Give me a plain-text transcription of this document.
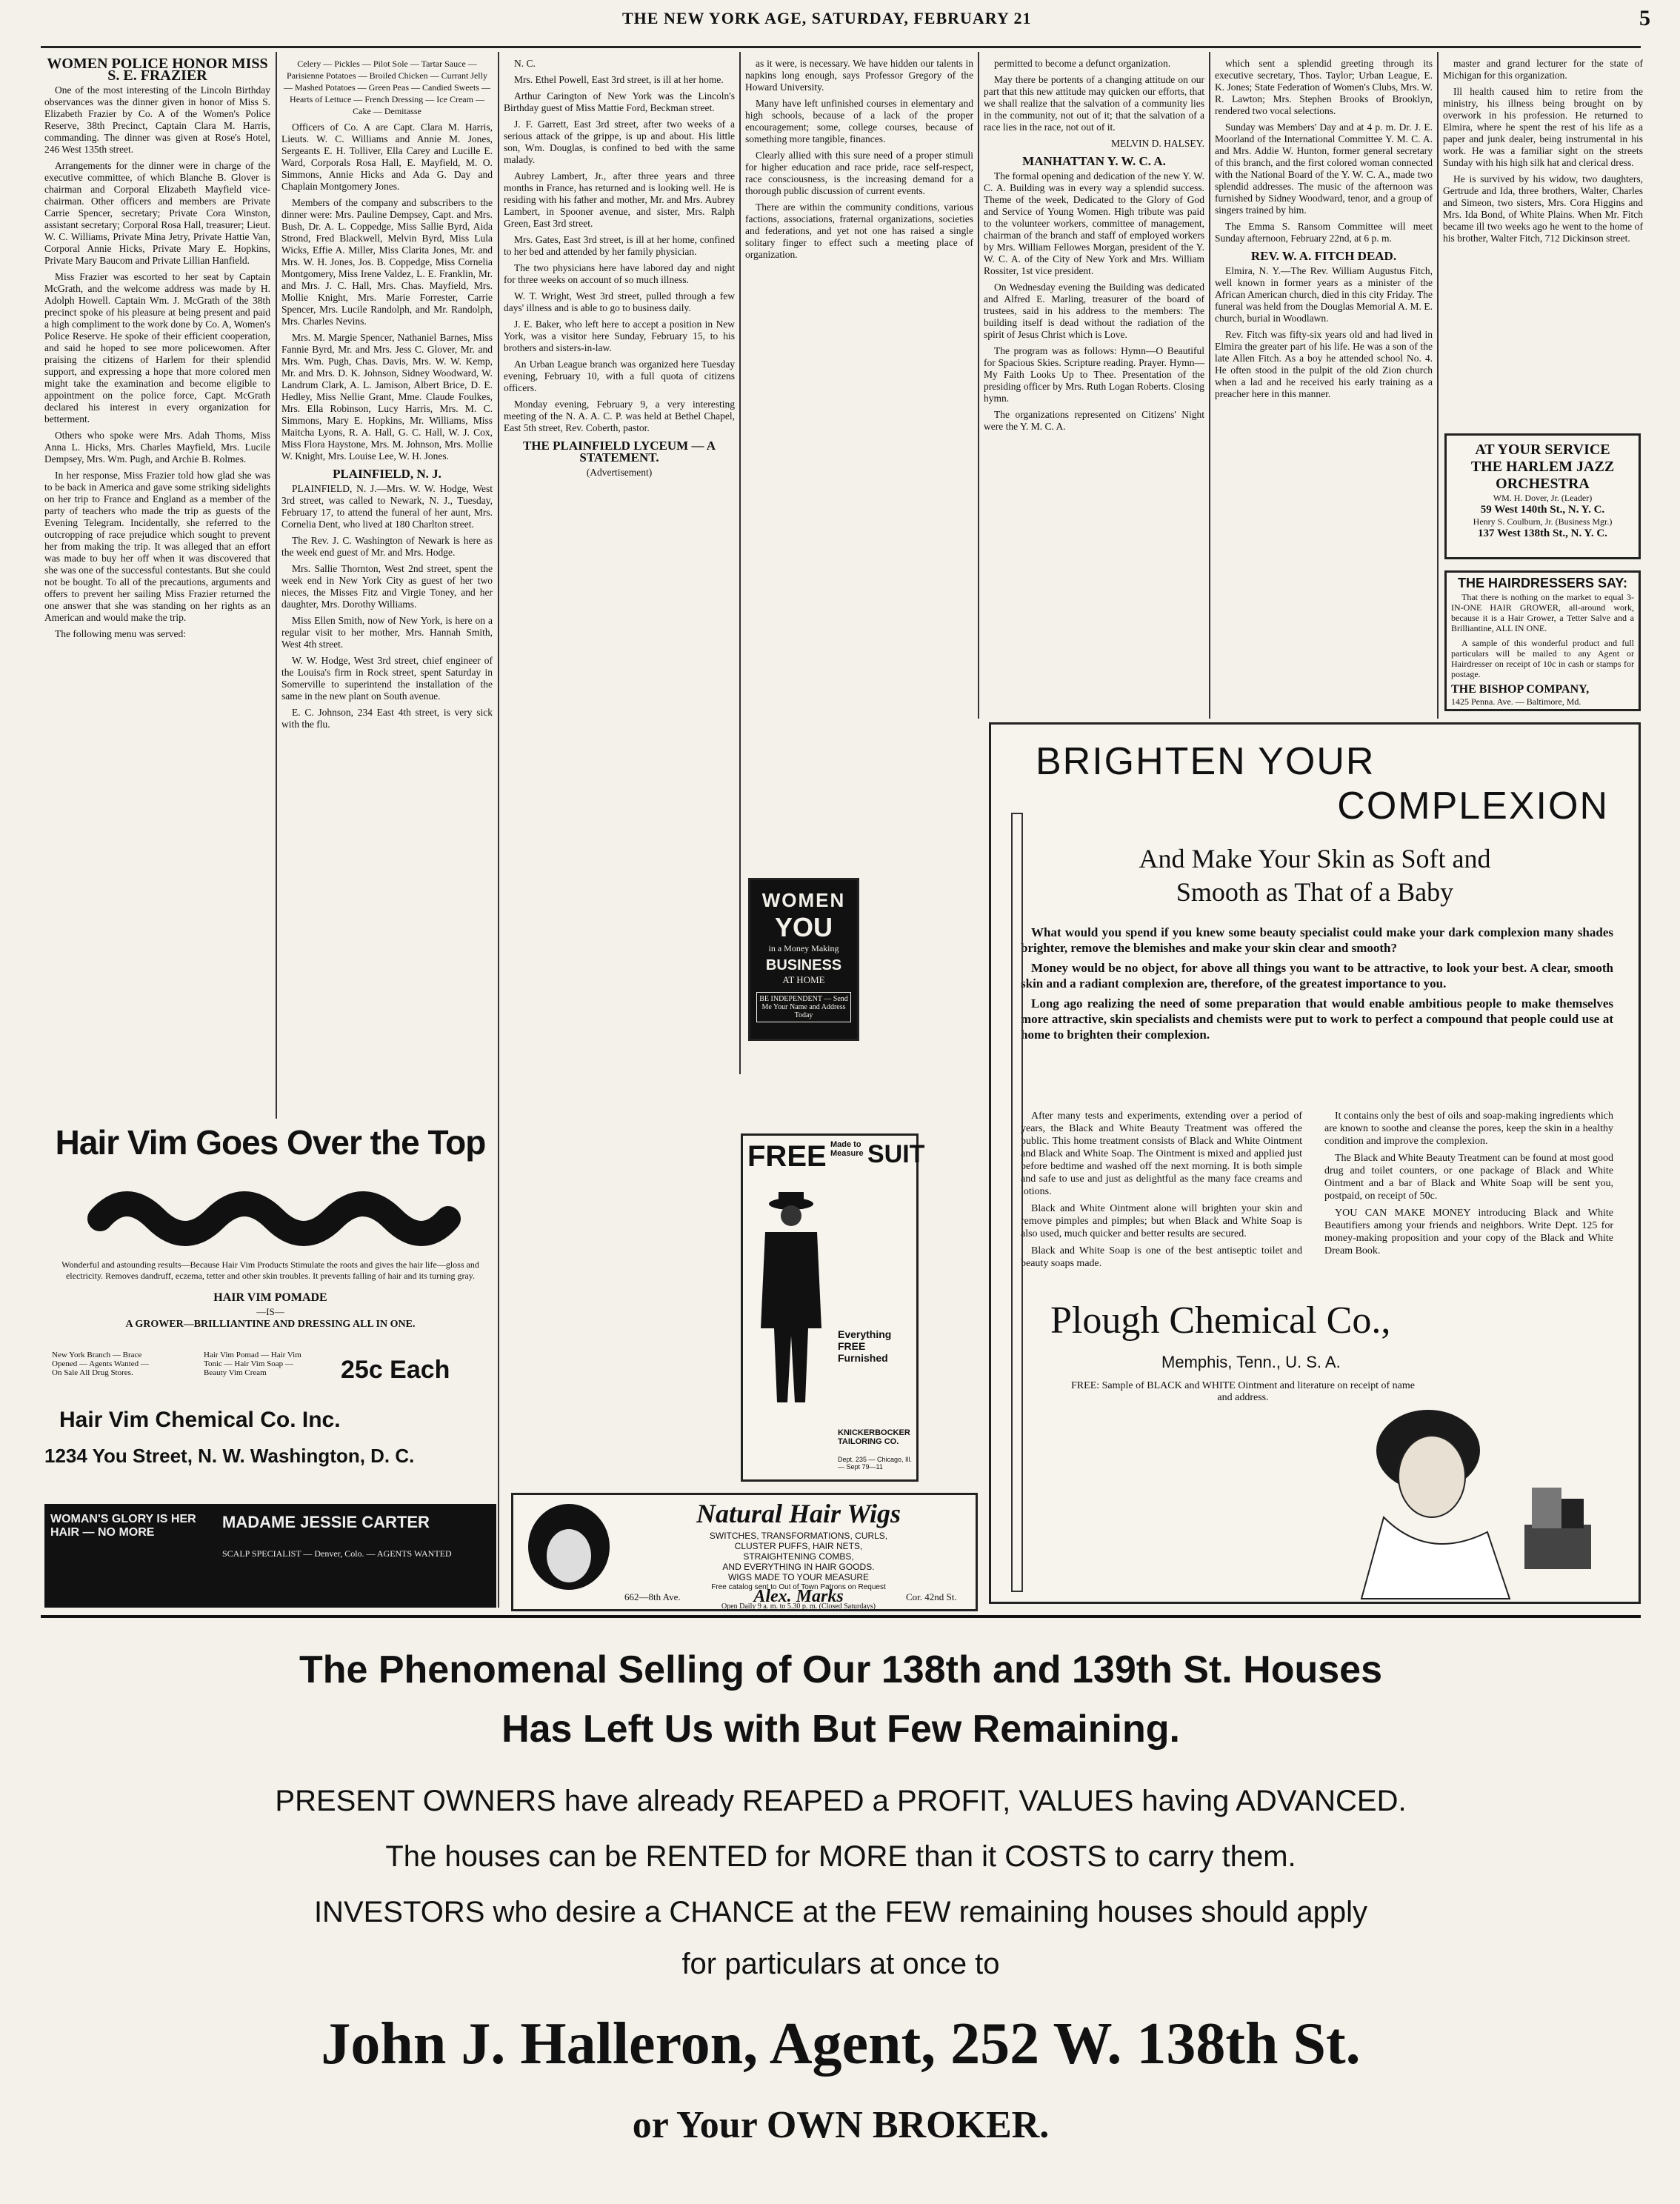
THE NEW YORK AGE, SATURDAY, FEBRUARY 21	5
WOMEN POLICE HONOR MISS S. E. FRAZIER

One of the most interesting of the Lincoln Birthday observances was the dinner given in honor of Miss S. Elizabeth Frazier by Co. A of the Women's Police Reserve, 38th Precinct, Captain Clara M. Harris, commanding. The dinner was given at Rose's Hotel, 246 West 135th street.

Arrangements for the dinner were in charge of the executive committee, of which Blanche B. Glover is chairman and Corporal Elizabeth Mayfield vice-chairman. Other officers and members are Private Carrie Spencer, secretary; Private Cora Winston, assistant secretary; Corporal Rosa Hall, treasurer; Lieut. W. C. Williams, Private Mina Jetry, Private Hattie Van, Corporal Annie Hicks, Private Mary E. Hopkins, Private Mary Baucom and Private Lillian Hanfield.

Miss Frazier was escorted to her seat by Captain McGrath, and the welcome address was made by H. Adolph Howell. Captain Wm. J. McGrath of the 38th precinct spoke of his pleasure at being present and paid a high compliment to the work done by Co. A, Women's Police Reserve. He spoke of their efficient cooperation, and said he hoped to see more policewomen. After praising the citizens of Harlem for their splendid support, and expressing a hope that more colored men might take the examination and become eligible to appointment on the police force, Capt. McGrath declared his interest in every organization for betterment.

Others who spoke were Mrs. Adah Thoms, Miss Anna L. Hicks, Mrs. Charles Mayfield, Mrs. Lucile Dempsey, Mrs. Wm. Pugh, and Archie B. Rolmes.

In her response, Miss Frazier told how glad she was to be back in America and gave some striking sidelights on her trip to France and England as a member of the party of teachers who made the trip as guests of the Evening Telegram. Incidentally, she referred to the outcropping of race prejudice which sought to prevent her from making the trip. It was alleged that an effort was made to buy her off when it was discovered that she was one of the successful contestants. But she could not be bought. To all of the precautions, arguments and offers to prevent her sailing Miss Frazier returned the one answer that she was standing on her rights as an American and would make the trip.

The following menu was served:

Celery — Pickles — Pilot Sole — Tartar Sauce — Parisienne Potatoes — Broiled Chicken — Currant Jelly — Mashed Potatoes — Green Peas — Candied Sweets — Hearts of Lettuce — French Dressing — Ice Cream — Cake — Demitasse

Officers of Co. A are Capt. Clara M. Harris, Lieuts. W. C. Williams and Annie M. Jones, Sergeants E. H. Tolliver, Ella Carey and Lucille E. Ward, Corporals Rosa Hall, E. Mayfield, M. O. Simmons, Annie Hicks and Ada G. Day and Chaplain Montgomery Jones.

Members of the company and subscribers to the dinner were: Mrs. Pauline Dempsey, Capt. and Mrs. Bush, Dr. A. L. Coppedge, Miss Sallie Byrd, Aida Strond, Fred Blackwell, Melvin Byrd, Miss Lula Wicks, Effie A. Miller, Miss Clarita Jones, Mr. and Mrs. W. H. Jones, Jos. B. Coppedge, Miss Cornelia Montgomery, Miss Irene Valdez, L. E. Franklin, Mr. and Mrs. J. C. Hall, Mrs. Chas. Mayfield, Mrs. Mollie Knight, Mrs. Marie Forrester, Carrie Spencer, Mrs. Lucile Randolph, and Mr. Randolph, Mrs. Charles Nevins.

Mrs. M. Margie Spencer, Nathaniel Barnes, Miss Fannie Byrd, Mr. and Mrs. Jess C. Glover, Mr. and Mrs. Wm. Pugh, Chas. Davis, Mrs. W. W. Kemp, Mr. and Mrs. D. K. Johnson, Sidney Woodward, W. Landrum Clark, A. L. Jamison, Albert Brice, D. E. Hedley, Miss Nellie Grant, Mme. Claude Foulkes, Mrs. Ella Robinson, Lucy Harris, Mrs. M. C. Simmons, Mary E. Hopkins, Mr. Williams, Miss Maitcha Lyons, R. A. Hall, G. C. Hall, W. J. Cox, Miss Flora Haystone, Mrs. M. Johnson, Mrs. Mollie W. Knight, Mrs. Louise Lee, W. H. Jones.

PLAINFIELD, N. J.

PLAINFIELD, N. J.—Mrs. W. W. Hodge, West 3rd street, was called to Newark, N. J., Tuesday, February 17, to attend the funeral of her aunt, Mrs. Cornelia Dent, who lived at 180 Charlton street.

The Rev. J. C. Washington of Newark is here as the week end guest of Mr. and Mrs. Hodge.

Mrs. Sallie Thornton, West 2nd street, spent the week end in New York City as guest of her two nieces, the Misses Fitz and Virgie Toney, and her daughter, Mrs. Dorothy Williams.

Miss Ellen Smith, now of New York, is here on a regular visit to her mother, Mrs. Hannah Smith, West 4th street.

W. W. Hodge, West 3rd street, chief engineer of the Louisa's firm in Rock street, spent Saturday in Somerville to superintend the installation of the same in the new plant on South avenue.

E. C. Johnson, 234 East 4th street, is very sick with the flu.

N. C.

Mrs. Ethel Powell, East 3rd street, is ill at her home.

Arthur Carington of New York was the Lincoln's Birthday guest of Miss Mattie Ford, Beckman street.

J. F. Garrett, East 3rd street, after two weeks of a serious attack of the grippe, is up and about. His little son, Wm. Douglas, is confined to bed with the same malady.

Aubrey Lambert, Jr., after three years and three months in France, has returned and is looking well. He is residing with his father and mother, Mr. and Mrs. Aubrey Lambert, in Spooner avenue, and sister, Mrs. Ralph Green, East 3rd street.

Mrs. Gates, East 3rd street, is ill at her home, confined to her bed and attended by her family physician.

The two physicians here have labored day and night for three weeks on account of so much illness.

W. T. Wright, West 3rd street, pulled through a few days' illness and is able to go to business daily.

J. E. Baker, who left here to accept a position in New York, was a visitor here Sunday, February 15, to his brothers and sisters-in-law.

An Urban League branch was organized here Tuesday evening, February 10, with a full quota of citizens officers.

Monday evening, February 9, a very interesting meeting of the N. A. A. C. P. was held at Bethel Chapel, East 5th street, Rev. Coberth, pastor.

THE PLAINFIELD LYCEUM — A STATEMENT.

(Advertisement)

as it were, is necessary. We have hidden our talents in napkins long enough, says Professor Gregory of the Howard University.

Many have left unfinished courses in elementary and high schools, because of a lack of the proper encouragement; some, college courses, because of something more tangible, finances.

Clearly allied with this sure need of a proper stimuli for higher education and race pride, race self-respect, race consciousness, is the increasing demand for a thorough public discussion of current events.

There are within the community conditions, various factions, associations, fraternal organizations, societies and federations, and yet not one has raised a single solitary finger to effect such a meeting place of organization.

WOMEN
YOU
in a Money Making
BUSINESS
AT HOME
BE INDEPENDENT — Send Me Your Name and Address Today
FREE Made to Measure SUIT
Everything FREE Furnished
KNICKERBOCKER TAILORING CO.
Dept. 235 — Chicago, Ill. — Sept 79—11

permitted to become a defunct organization.

May there be portents of a changing attitude on our part that this new attitude may quicken our efforts, that we shall realize that the salvation of a community lies in the community, not out of it; that the salvation of a race lies in the race, not out of it.

MELVIN D. HALSEY.

MANHATTAN Y. W. C. A.

The formal opening and dedication of the new Y. W. C. A. Building was in every way a splendid success. Theme of the week, Dedicated to the Glory of God and Service of Young Women. High tribute was paid to the volunteer workers, committee of management, chairman of the branch and staff of employed workers by Mrs. William Fellowes Morgan, president of the Y. W. C. A. of the City of New York and Mrs. William Rossiter, 1st vice president.

On Wednesday evening the Building was dedicated and Alfred E. Marling, treasurer of the board of trustees, said in his address to the members: The building itself is dead without the radiation of the spirit of Jesus Christ which is Love.

The program was as follows: Hymn—O Beautiful for Spacious Skies. Scripture reading. Prayer. Hymn—My Faith Looks Up to Thee. Presentation of the presiding officer by Mrs. Ruth Logan Roberts. Closing hymn.

The organizations represented on Citizens' Night were the Y. M. C. A.

which sent a splendid greeting through its executive secretary, Thos. Taylor; Urban League, E. K. Jones; State Federation of Women's Clubs, Mrs. W. R. Lawton; Mrs. Stephen Brooks of Brooklyn, rendered two vocal selections.

Sunday was Members' Day and at 4 p. m. Dr. J. E. Moorland of the International Committee Y. M. C. A. and Mrs. Addie W. Hunton, former general secretary of this branch, and the first colored woman connected with the National Board of the Y. W. C. A., made two splendid addresses. The music of the afternoon was furnished by Sidney Woodward, tenor, and a group of singers trained by him.

The Emma S. Ransom Committee will meet Sunday afternoon, February 22nd, at 6 p. m.

REV. W. A. FITCH DEAD.

Elmira, N. Y.—The Rev. William Augustus Fitch, well known in former years as a minister of the African American church, died in this city Friday. The funeral was held from the Douglas Memorial A. M. E. church, burial in Woodlawn.

Rev. Fitch was fifty-six years old and had lived in Elmira the greater part of his life. He was a son of the late Allen Fitch. As a boy he attended school No. 4. He often stood in the pulpit of the old Zion church when a lad and he received his early training as a preacher here in this manner.

master and grand lecturer for the state of Michigan for this organization.

Ill health caused him to retire from the ministry, his illness being brought on by overwork in his profession. He returned to Elmira, where he spent the rest of his life as a paper and junk dealer, being instrumental in his work. He was a familiar sight on the streets Sunday with his high silk hat and clerical dress.

He is survived by his widow, two daughters, Gertrude and Ida, three brothers, Walter, Charles and Simeon, two sisters, Mrs. Cora Higgins and Mrs. Ida Bond, of White Plains. When Mr. Fitch became ill two weeks ago he went to the home of his brother, Walter Fitch, 712 Dickinson street.

AT YOUR SERVICE
THE HARLEM JAZZ
ORCHESTRA
WM. H. Dover, Jr. (Leader)
59 West 140th St., N. Y. C.
Henry S. Coulburn, Jr. (Business Mgr.)
137 West 138th St., N. Y. C.
THE HAIRDRESSERS SAY:

That there is nothing on the market to equal 3-IN-ONE HAIR GROWER, all-around work, because it is a Hair Grower, a Tetter Salve and a Brilliantine, ALL IN ONE.

A sample of this wonderful product and full particulars will be mailed to any Agent or Hairdresser on receipt of 10c in cash or stamps for postage.

THE BISHOP COMPANY,
1425 Penna. Ave. — Baltimore, Md.
BRIGHTEN YOUR
COMPLEXION
And Make Your Skin as Soft and
Smooth as That of a Baby

What would you spend if you knew some beauty specialist could make your dark complexion many shades brighter, remove the blemishes and make your skin clear and smooth?

Money would be no object, for above all things you want to be attractive, to look your best. A clear, smooth skin and a radiant complexion are, therefore, of the greatest importance to you.

Long ago realizing the need of some preparation that would enable ambitious people to make themselves more attractive, skin specialists and chemists were put to work to perfect a compound that people could use at home to brighten their complexion.

After many tests and experiments, extending over a period of years, the Black and White Beauty Treatment was offered the public. This home treatment consists of Black and White Ointment and Black and White Soap. The Ointment is mixed and applied just before bedtime and washed off the next morning. It is both simple and safe to use and just as delightful as the many face creams and lotions.

Black and White Ointment alone will brighten your skin and remove pimples and pimples; but when Black and White Soap is also used, much quicker and better results are secured.

Black and White Soap is one of the best antiseptic toilet and beauty soaps made.

It contains only the best of oils and soap-making ingredients which are known to soothe and cleanse the pores, keep the skin in a healthy condition and improve the complexion.

The Black and White Beauty Treatment can be found at most good drug and toilet counters, or one package of Black and White Ointment and a bar of Black and White Soap will be sent you, postpaid, on receipt of 50c.

YOU CAN MAKE MONEY introducing Black and White Beautifiers among your friends and neighbors. Write Dept. 125 for money-making proposition and your copy of the Black and White Dream Book.

Plough Chemical Co.,
Memphis, Tenn., U. S. A.
FREE: Sample of BLACK and WHITE Ointment and literature on receipt of name and address.
Hair Vim Goes Over the Top
Wonderful and astounding results—Because Hair Vim Products Stimulate the roots and gives the hair life—gloss and electricity. Removes dandruff, eczema, tetter and other skin troubles. It prevents falling of hair and its turning gray.
HAIR VIM POMADE
—IS—
A GROWER—BRILLIANTINE AND DRESSING ALL IN ONE.
New York Branch — Brace Opened — Agents Wanted — On Sale All Drug Stores.
Hair Vim Pomad — Hair Vim Tonic — Hair Vim Soap — Beauty Vim Cream	25c Each
Hair Vim Chemical Co. Inc.
1234 You Street, N. W. Washington, D. C.
WOMAN'S GLORY IS HER HAIR — NO MORE
MADAME JESSIE CARTER
SCALP SPECIALIST — Denver, Colo. — AGENTS WANTED
Natural Hair Wigs
SWITCHES, TRANSFORMATIONS, CURLS,
CLUSTER PUFFS, HAIR NETS,
STRAIGHTENING COMBS,
AND EVERYTHING IN HAIR GOODS.
WIGS MADE TO YOUR MEASURE
Free catalog sent to Out of Town Patrons on Request
Alex. Marks
662—8th Ave.	Cor. 42nd St.
Open Daily 9 a. m. to 5.30 p. m. (Closed Saturdays)
The Phenomenal Selling of Our 138th and 139th St. Houses
Has Left Us with But Few Remaining.
PRESENT OWNERS have already REAPED a PROFIT, VALUES having ADVANCED.
The houses can be RENTED for MORE than it COSTS to carry them.
INVESTORS who desire a CHANCE at the FEW remaining houses should apply
for particulars at once to
John J. Halleron, Agent, 252 W. 138th St.
or Your OWN BROKER.
